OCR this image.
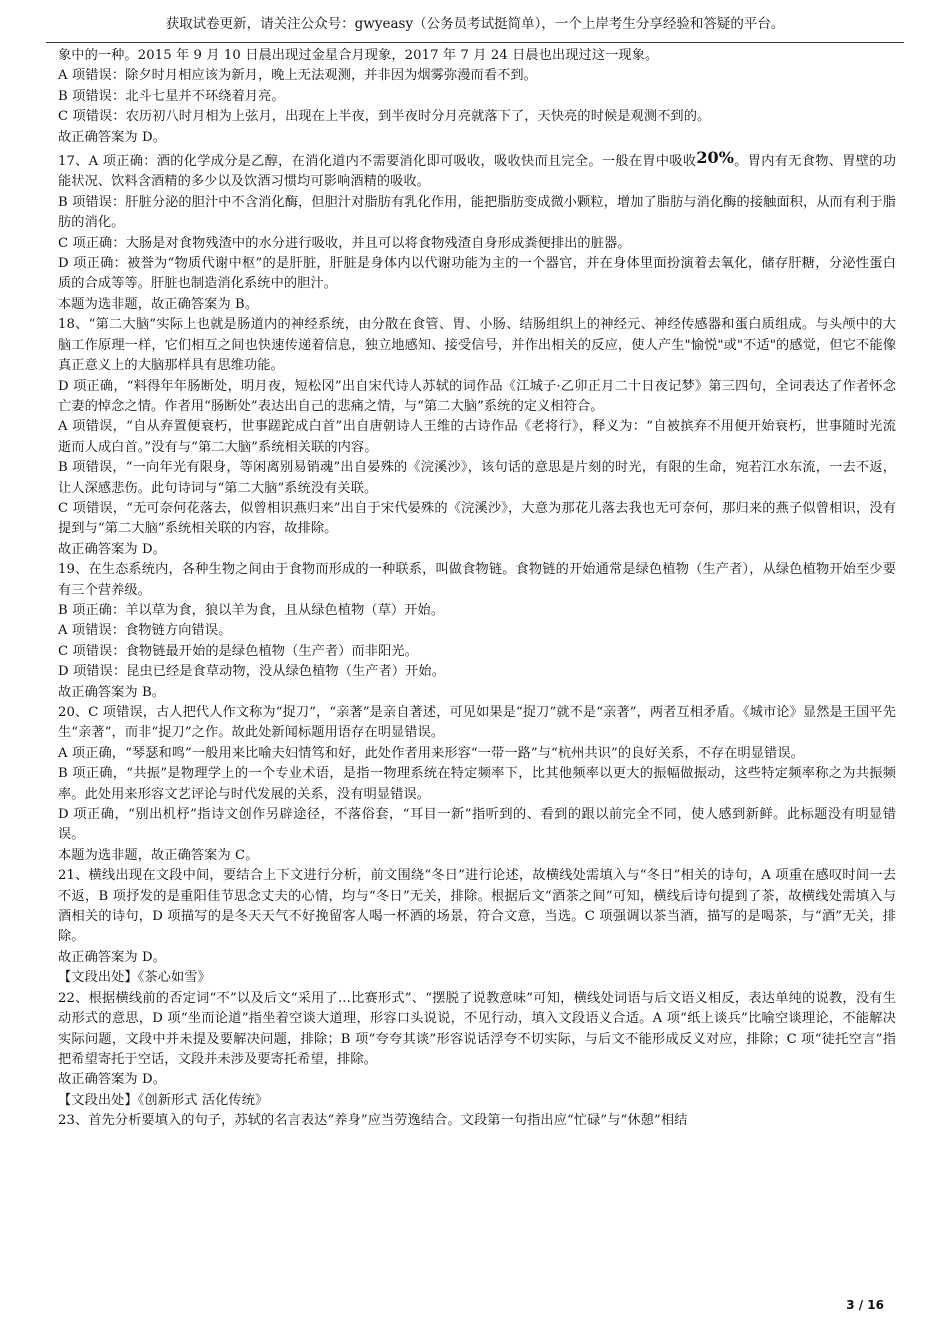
获取试卷更新，请关注公众号：gwyeasy（公务员考试挺简单），一个上岸考生分享经验和答疑的平台。

象中的一种。2015 年 9 月 10 日晨出现过金星合月现象，2017 年 7 月 24 日晨也出现过这一现象。

A 项错误：除夕时月相应该为新月，晚上无法观测，并非因为烟雾弥漫而看不到。

B 项错误：北斗七星并不环绕着月亮。

C 项错误：农历初八时月相为上弦月，出现在上半夜，到半夜时分月亮就落下了，天快亮的时候是观测不到的。

故正确答案为 D。

17、A 项正确：酒的化学成分是乙醇，在消化道内不需要消化即可吸收，吸收快而且完全。一般在胃中吸收20%。胃内有无食物、胃壁的功能状况、饮料含酒精的多少以及饮酒习惯均可影响酒精的吸收。

B 项错误：肝脏分泌的胆汁中不含消化酶，但胆汁对脂肪有乳化作用，能把脂肪变成微小颗粒，增加了脂肪与消化酶的接触面积，从而有利于脂肪的消化。

C 项正确：大肠是对食物残渣中的水分进行吸收，并且可以将食物残渣自身形成粪便排出的脏器。

D 项正确：被誉为“物质代谢中枢”的是肝脏，肝脏是身体内以代谢功能为主的一个器官，并在身体里面扮演着去氧化，储存肝糖，分泌性蛋白质的合成等等。肝脏也制造消化系统中的胆汁。

本题为选非题，故正确答案为 B。

18、“第二大脑”实际上也就是肠道内的神经系统，由分散在食管、胃、小肠、结肠组织上的神经元、神经传感器和蛋白质组成。与头颅中的大脑工作原理一样，它们相互之间也快速传递着信息，独立地感知、接受信号，并作出相关的反应，使人产生"愉悦"或"不适"的感觉，但它不能像真正意义上的大脑那样具有思维功能。

D 项正确，“料得年年肠断处，明月夜，短松冈”出自宋代诗人苏轼的词作品《江城子·乙卯正月二十日夜记梦》第三四句，全词表达了作者怀念亡妻的悼念之情。作者用“肠断处”表达出自己的悲痛之情，与“第二大脑”系统的定义相符合。

A 项错误，“自从弃置便衰朽，世事蹉跎成白首”出自唐朝诗人王维的古诗作品《老将行》，释义为：“自被摈弃不用便开始衰朽，世事随时光流逝而人成白首。”没有与“第二大脑”系统相关联的内容。

B 项错误，“一向年光有限身，等闲离别易销魂”出自晏殊的《浣溪沙》，该句话的意思是片刻的时光，有限的生命，宛若江水东流，一去不返，让人深感悲伤。此句诗词与“第二大脑”系统没有关联。

C 项错误，“无可奈何花落去，似曾相识燕归来”出自于宋代晏殊的《浣溪沙》，大意为那花儿落去我也无可奈何，那归来的燕子似曾相识，没有提到与“第二大脑”系统相关联的内容，故排除。

故正确答案为 D。

19、在生态系统内，各种生物之间由于食物而形成的一种联系，叫做食物链。食物链的开始通常是绿色植物（生产者），从绿色植物开始至少要有三个营养级。

B 项正确：羊以草为食，狼以羊为食，且从绿色植物（草）开始。

A 项错误：食物链方向错误。

C 项错误：食物链最开始的是绿色植物（生产者）而非阳光。

D 项错误：昆虫已经是食草动物，没从绿色植物（生产者）开始。

故正确答案为 B。

20、C 项错误，古人把代人作文称为“捉刀”，“亲著”是亲自著述，可见如果是“捉刀”就不是“亲著”，两者互相矛盾。《城市论》显然是王国平先生“亲著”，而非“捉刀”之作。故此处新闻标题用语存在明显错误。

A 项正确，“琴瑟和鸣”一般用来比喻夫妇情笃和好，此处作者用来形容“一带一路”与“杭州共识”的良好关系，不存在明显错误。

B 项正确，“共振”是物理学上的一个专业术语，是指一物理系统在特定频率下，比其他频率以更大的振幅做振动，这些特定频率称之为共振频率。此处用来形容文艺评论与时代发展的关系，没有明显错误。

D 项正确，“别出机杼”指诗文创作另辟途径，不落俗套，“耳目一新”指听到的、看到的跟以前完全不同，使人感到新鲜。此标题没有明显错误。

本题为选非题，故正确答案为 C。

21、横线出现在文段中间，要结合上下文进行分析，前文围绕“冬日”进行论述，故横线处需填入与“冬日”相关的诗句，A 项重在感叹时间一去不返，B 项抒发的是重阳佳节思念丈夫的心情，均与“冬日”无关，排除。根据后文“酒茶之间”可知，横线后诗句提到了茶，故横线处需填入与酒相关的诗句，D 项描写的是冬天天气不好挽留客人喝一杯酒的场景，符合文意，当选。C 项强调以茶当酒，描写的是喝茶，与“酒”无关，排除。

故正确答案为 D。

【文段出处】《茶心如雪》

22、根据横线前的否定词“不”以及后文“采用了...比赛形式”、“摆脱了说教意味”可知，横线处词语与后文语义相反，表达单纯的说教，没有生动形式的意思，D 项“坐而论道”指坐着空谈大道理，形容口头说说，不见行动，填入文段语义合适。A 项“纸上谈兵”比喻空谈理论，不能解决实际问题，文段中并未提及要解决问题，排除；B 项“夸夸其谈”形容说话浮夸不切实际，与后文不能形成反义对应，排除；C 项“徒托空言”指把希望寄托于空话，文段并未涉及要寄托希望，排除。

故正确答案为 D。

【文段出处】《创新形式 活化传统》

23、首先分析要填入的句子，苏轼的名言表达“养身”应当劳逸结合。文段第一句指出应“忙碌”与“休憩”相结

3 / 16
